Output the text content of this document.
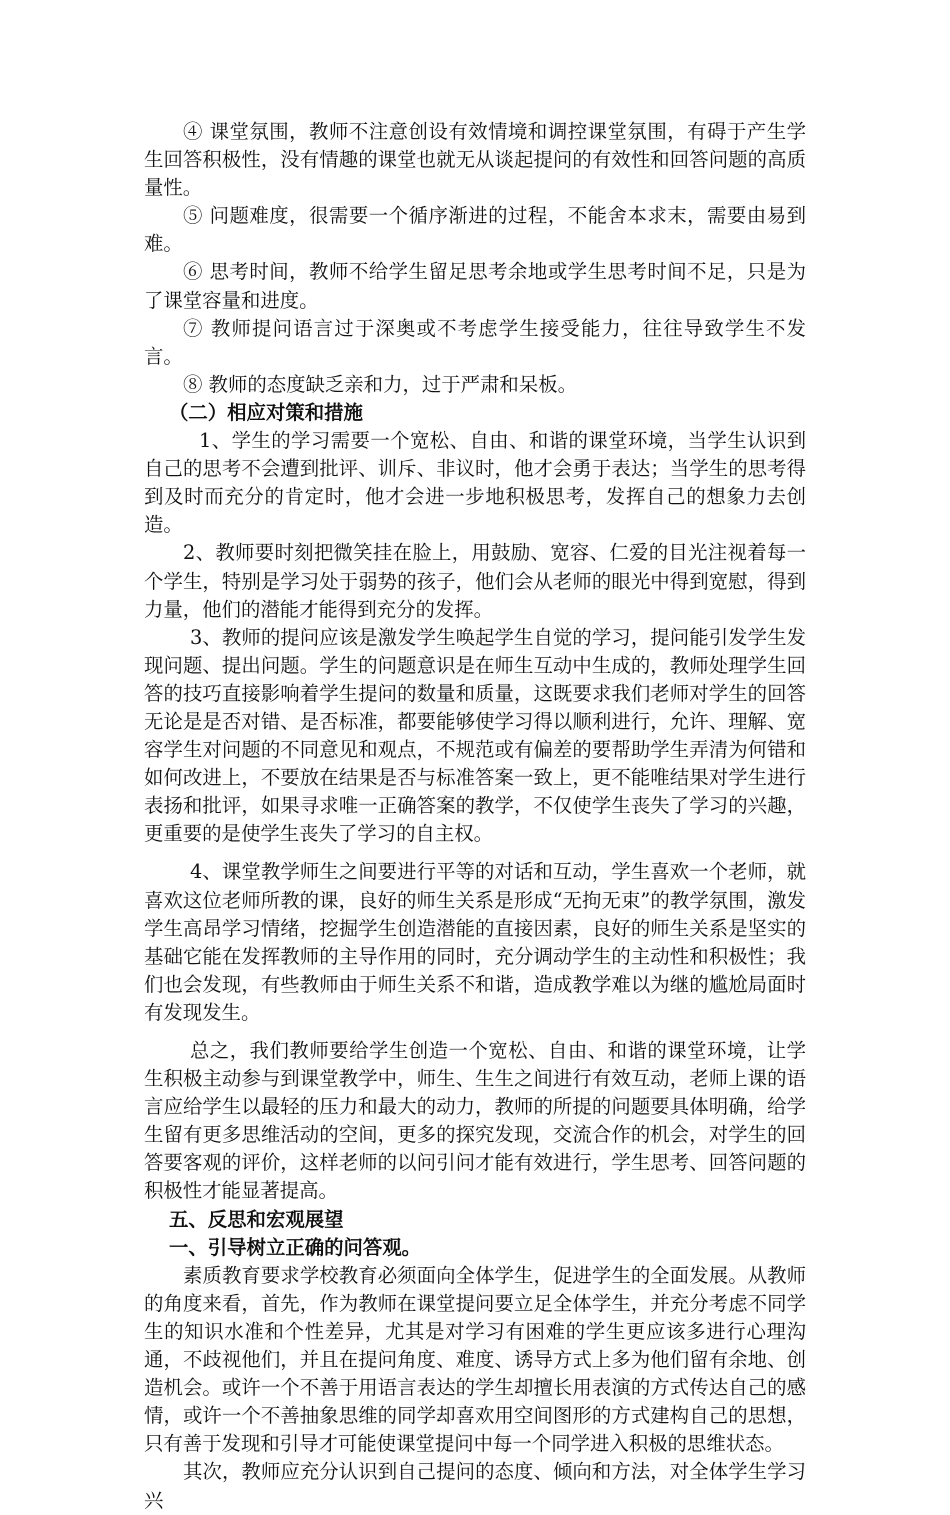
④ 课堂氛围，教师不注意创设有效情境和调控课堂氛围，有碍于产生学生回答积极性，没有情趣的课堂也就无从谈起提问的有效性和回答问题的高质量性。

⑤ 问题难度，很需要一个循序渐进的过程，不能舍本求末，需要由易到难。

⑥ 思考时间，教师不给学生留足思考余地或学生思考时间不足，只是为了课堂容量和进度。

⑦ 教师提问语言过于深奥或不考虑学生接受能力，往往导致学生不发言。

⑧ 教师的态度缺乏亲和力，过于严肃和呆板。

（二）相应对策和措施

1、学生的学习需要一个宽松、自由、和谐的课堂环境，当学生认识到自己的思考不会遭到批评、训斥、非议时，他才会勇于表达；当学生的思考得到及时而充分的肯定时，他才会进一步地积极思考，发挥自己的想象力去创造。

2、教师要时刻把微笑挂在脸上，用鼓励、宽容、仁爱的目光注视着每一个学生，特别是学习处于弱势的孩子，他们会从老师的眼光中得到宽慰，得到力量，他们的潜能才能得到充分的发挥。

3、教师的提问应该是激发学生唤起学生自觉的学习，提问能引发学生发现问题、提出问题。学生的问题意识是在师生互动中生成的，教师处理学生回答的技巧直接影响着学生提问的数量和质量，这既要求我们老师对学生的回答无论是是否对错、是否标准，都要能够使学习得以顺利进行，允许、理解、宽容学生对问题的不同意见和观点，不规范或有偏差的要帮助学生弄清为何错和如何改进上，不要放在结果是否与标准答案一致上，更不能唯结果对学生进行表扬和批评，如果寻求唯一正确答案的教学，不仅使学生丧失了学习的兴趣，更重要的是使学生丧失了学习的自主权。

4、课堂教学师生之间要进行平等的对话和互动，学生喜欢一个老师，就喜欢这位老师所教的课，良好的师生关系是形成“无拘无束”的教学氛围，激发学生高昂学习情绪，挖掘学生创造潜能的直接因素，良好的师生关系是坚实的基础它能在发挥教师的主导作用的同时，充分调动学生的主动性和积极性；我们也会发现，有些教师由于师生关系不和谐，造成教学难以为继的尴尬局面时有发现发生。

总之，我们教师要给学生创造一个宽松、自由、和谐的课堂环境，让学生积极主动参与到课堂教学中，师生、生生之间进行有效互动，老师上课的语言应给学生以最轻的压力和最大的动力，教师的所提的问题要具体明确，给学生留有更多思维活动的空间，更多的探究发现，交流合作的机会，对学生的回答要客观的评价，这样老师的以问引问才能有效进行，学生思考、回答问题的积极性才能显著提高。

五、反思和宏观展望

一、引导树立正确的问答观。

素质教育要求学校教育必须面向全体学生，促进学生的全面发展。从教师的角度来看，首先，作为教师在课堂提问要立足全体学生，并充分考虑不同学生的知识水准和个性差异，尤其是对学习有困难的学生更应该多进行心理沟通，不歧视他们，并且在提问角度、难度、诱导方式上多为他们留有余地、创造机会。或许一个不善于用语言表达的学生却擅长用表演的方式传达自己的感情，或许一个不善抽象思维的同学却喜欢用空间图形的方式建构自己的思想，只有善于发现和引导才可能使课堂提问中每一个同学进入积极的思维状态。

其次，教师应充分认识到自己提问的态度、倾向和方法，对全体学生学习兴
